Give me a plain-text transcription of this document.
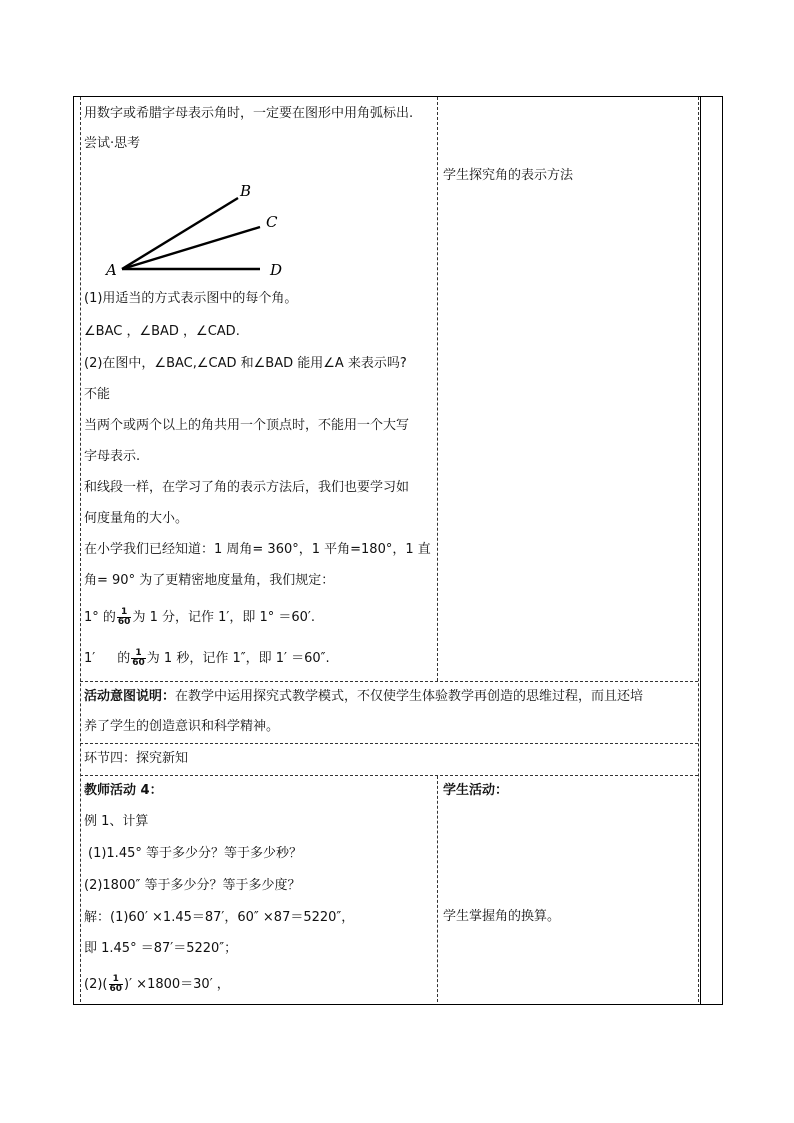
用数字或希腊字母表示角时，一定要在图形中用角弧标出.
尝试·思考
A
B
C
D
(1)用适当的方式表示图中的每个角。
∠BAC ，∠BAD ，∠CAD.
(2)在图中，∠BAC,∠CAD 和∠BAD 能用∠A 来表示吗?
不能
当两个或两个以上的角共用一个顶点时，不能用一个大写
字母表示.
和线段一样，在学习了角的表示方法后，我们也要学习如
何度量角的大小。
在小学我们已经知道：1 周角= 360°，1 平角=180°，1 直
角= 90° 为了更精密地度量角，我们规定：
1° 的 $\frac{1}{60}$ 为 1 分，记作 1′，即 1° ＝60′.
1′ 的 $\frac{1}{60}$ 为 1 秒，记作 1″，即 1′ ＝60″.
学生探究角的表示方法
活动意图说明：在教学中运用探究式教学模式，不仅使学生体验教学再创造的思维过程，而且还培
养了学生的创造意识和科学精神。
环节四：探究新知
教师活动 4：
例 1、计算
(1)1.45° 等于多少分？等于多少秒？
(2)1800″ 等于多少分？等于多少度？
解：(1)60′ ×1.45＝87′，60″ ×87＝5220″，
即 1.45° ＝87′＝5220″；
$(2)( \frac{1}{60}$ )′ ×1800＝30′ ，
学生活动：
学生掌握角的换算。
